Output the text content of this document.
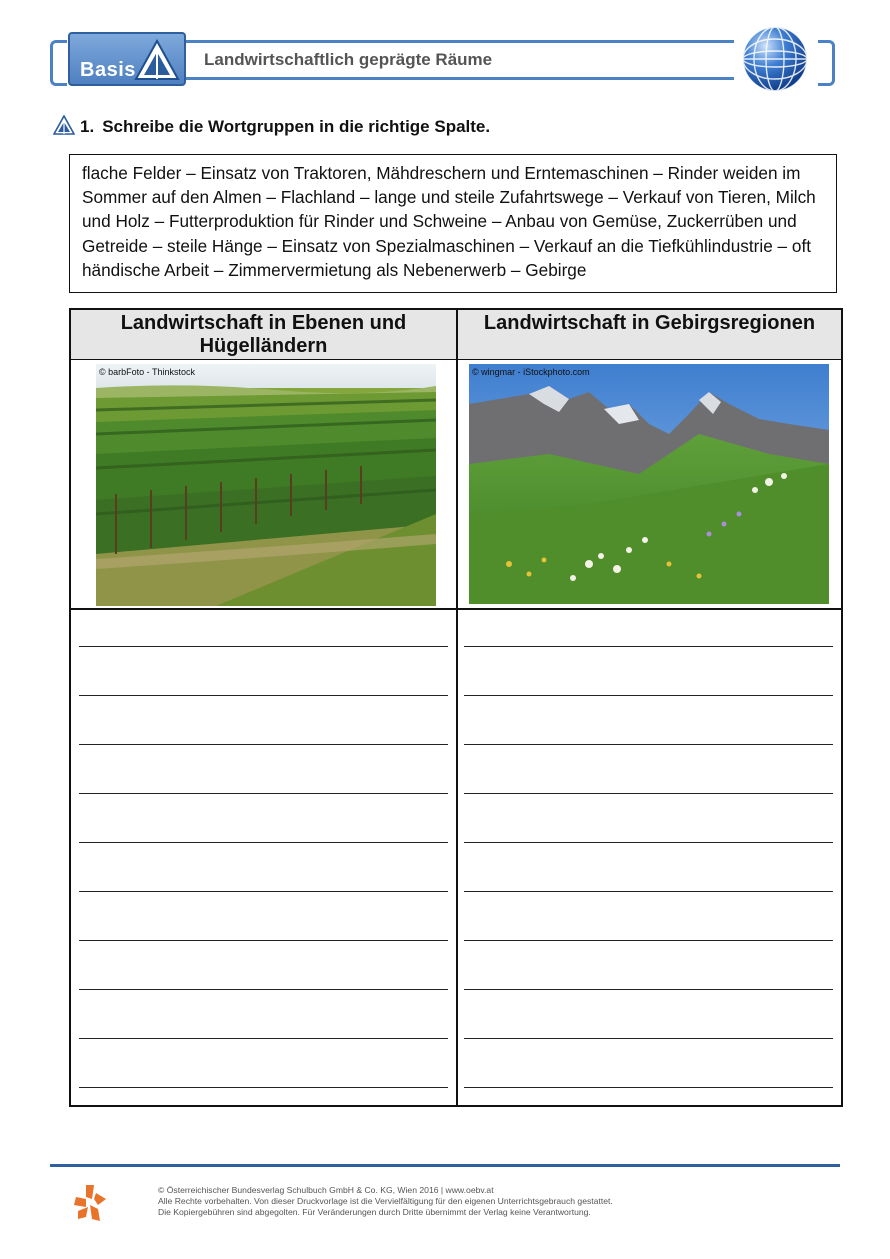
Basis	Landwirtschaftlich geprägte Räume
1. Schreibe die Wortgruppen in die richtige Spalte.
flache Felder – Einsatz von Traktoren, Mähdreschern und Erntemaschinen – Rinder weiden im Sommer auf den Almen – Flachland – lange und steile Zufahrtswege – Verkauf von Tieren, Milch und Holz – Futterproduktion für Rinder und Schweine – Anbau von Gemüse, Zuckerrüben und Getreide – steile Hänge – Einsatz von Spezialmaschinen – Verkauf an die Tiefkühlindustrie – oft händische Arbeit – Zimmervermietung als Nebenerwerb – Gebirge
Landwirtschaft in Ebenen und Hügelländern
Landwirtschaft in Gebirgsregionen
© barbFoto - Thinkstock	© wingmar - iStockphoto.com
© Österreichischer Bundesverlag Schulbuch GmbH & Co. KG, Wien 2016 | www.oebv.at
Alle Rechte vorbehalten. Von dieser Druckvorlage ist die Vervielfältigung für den eigenen Unterrichtsgebrauch gestattet.
Die Kopiergebühren sind abgegolten. Für Veränderungen durch Dritte übernimmt der Verlag keine Verantwortung.
